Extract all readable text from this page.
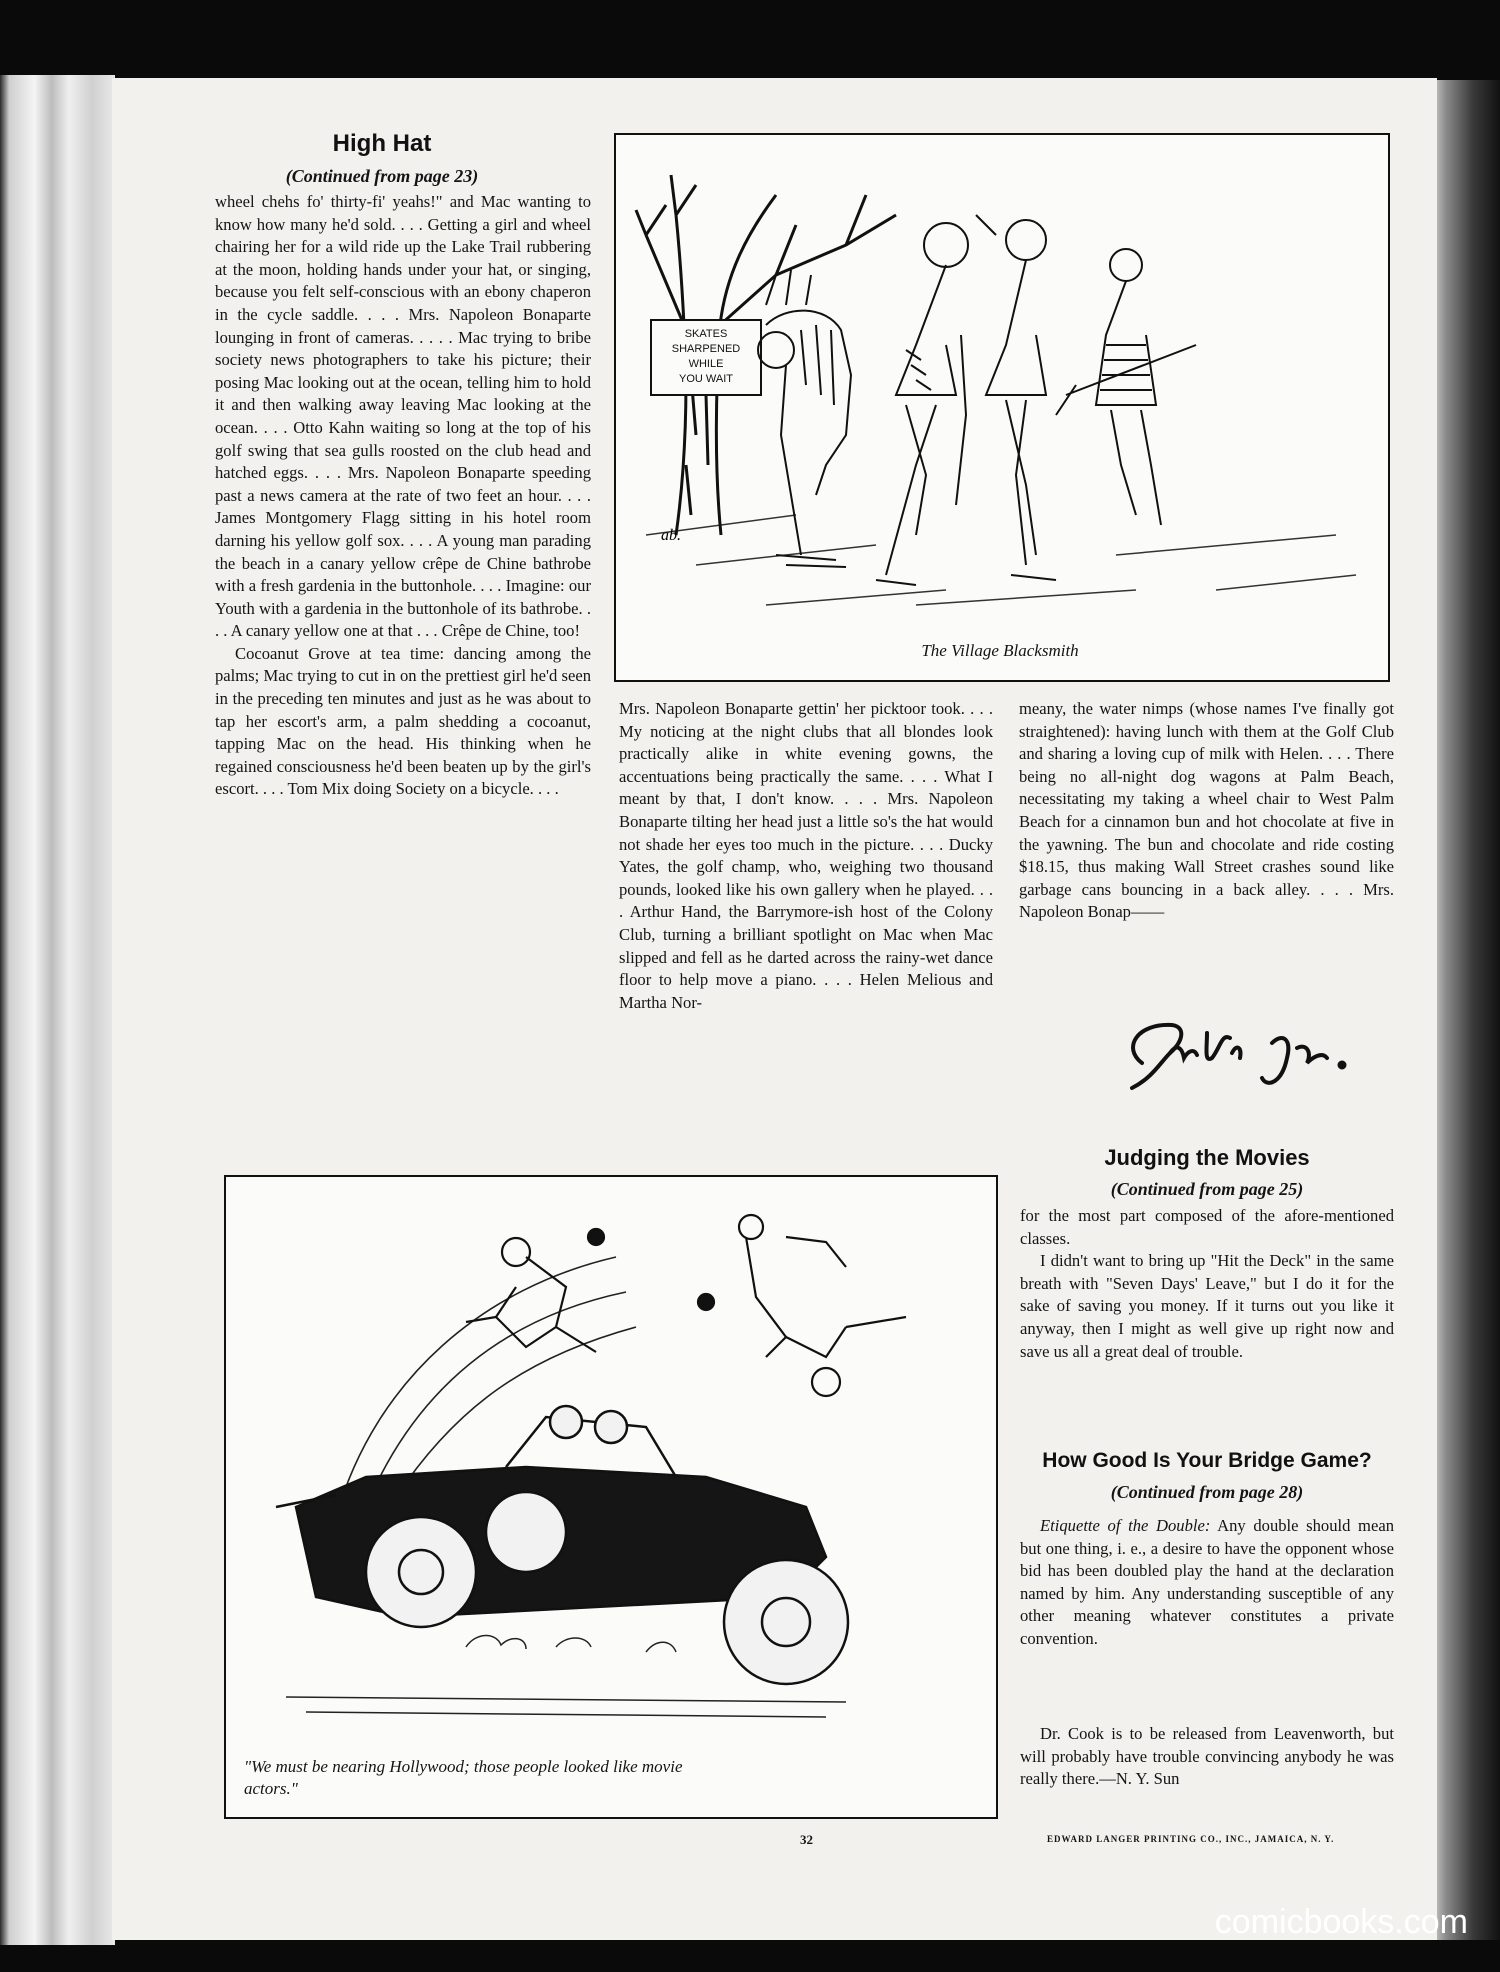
High Hat

(Continued from page 23)

wheel chehs fo' thirty-fi' yeahs!" and Mac wanting to know how many he'd sold. . . . Getting a girl and wheel chairing her for a wild ride up the Lake Trail rubbering at the moon, holding hands under your hat, or singing, because you felt self-conscious with an ebony chaperon in the cycle saddle. . . . Mrs. Napoleon Bonaparte lounging in front of cameras. . . . . Mac trying to bribe society news photographers to take his picture; their posing Mac looking out at the ocean, telling him to hold it and then walking away leaving Mac looking at the ocean. . . . Otto Kahn waiting so long at the top of his golf swing that sea gulls roosted on the club head and hatched eggs. . . . Mrs. Napoleon Bonaparte speeding past a news camera at the rate of two feet an hour. . . . James Montgomery Flagg sitting in his hotel room darning his yellow golf sox. . . . A young man parading the beach in a canary yellow crêpe de Chine bathrobe with a fresh gardenia in the buttonhole. . . . Imagine: our Youth with a gardenia in the buttonhole of its bathrobe. . . . A canary yellow one at that . . . Crêpe de Chine, too!

Cocoanut Grove at tea time: dancing among the palms; Mac trying to cut in on the prettiest girl he'd seen in the preceding ten minutes and just as he was about to tap her escort's arm, a palm shedding a cocoanut, tapping Mac on the head. His thinking when he regained consciousness he'd been beaten up by the girl's escort. . . . Tom Mix doing Society on a bicycle. . . .

SKATES
SHARPENED
WHILE
YOU WAIT
ab.

The Village Blacksmith

Mrs. Napoleon Bonaparte gettin' her picktoor took. . . . My noticing at the night clubs that all blondes look practically alike in white evening gowns, the accentuations being practically the same. . . . What I meant by that, I don't know. . . . Mrs. Napoleon Bonaparte tilting her head just a little so's the hat would not shade her eyes too much in the picture. . . . Ducky Yates, the golf champ, who, weighing two thousand pounds, looked like his own gallery when he played. . . . Arthur Hand, the Barrymore-ish host of the Colony Club, turning a brilliant spotlight on Mac when Mac slipped and fell as he darted across the rainy-wet dance floor to help move a piano. . . . Helen Melious and Martha Nor-

meany, the water nimps (whose names I've finally got straightened): having lunch with them at the Golf Club and sharing a loving cup of milk with Helen. . . . There being no all-night dog wagons at Palm Beach, necessitating my taking a wheel chair to West Palm Beach for a cinnamon bun and hot chocolate at five in the yawning. The bun and chocolate and ride costing $18.15, thus making Wall Street crashes sound like garbage cans bouncing in a back alley. . . . Mrs. Napoleon Bonap——

"We must be nearing Hollywood; those people looked like movie
actors."
Judging the Movies

(Continued from page 25)

for the most part composed of the afore-mentioned classes.

I didn't want to bring up "Hit the Deck" in the same breath with "Seven Days' Leave," but I do it for the sake of saving you money. If it turns out you like it anyway, then I might as well give up right now and save us all a great deal of trouble.

How Good Is Your Bridge Game?

(Continued from page 28)

Etiquette of the Double: Any double should mean but one thing, i. e., a desire to have the opponent whose bid has been doubled play the hand at the declaration named by him. Any understanding susceptible of any other meaning whatever constitutes a private convention.

Dr. Cook is to be released from Leavenworth, but will probably have trouble convincing anybody he was really there.—N. Y. Sun

32	EDWARD LANGER PRINTING CO., INC., JAMAICA, N. Y.
comicbooks.com
